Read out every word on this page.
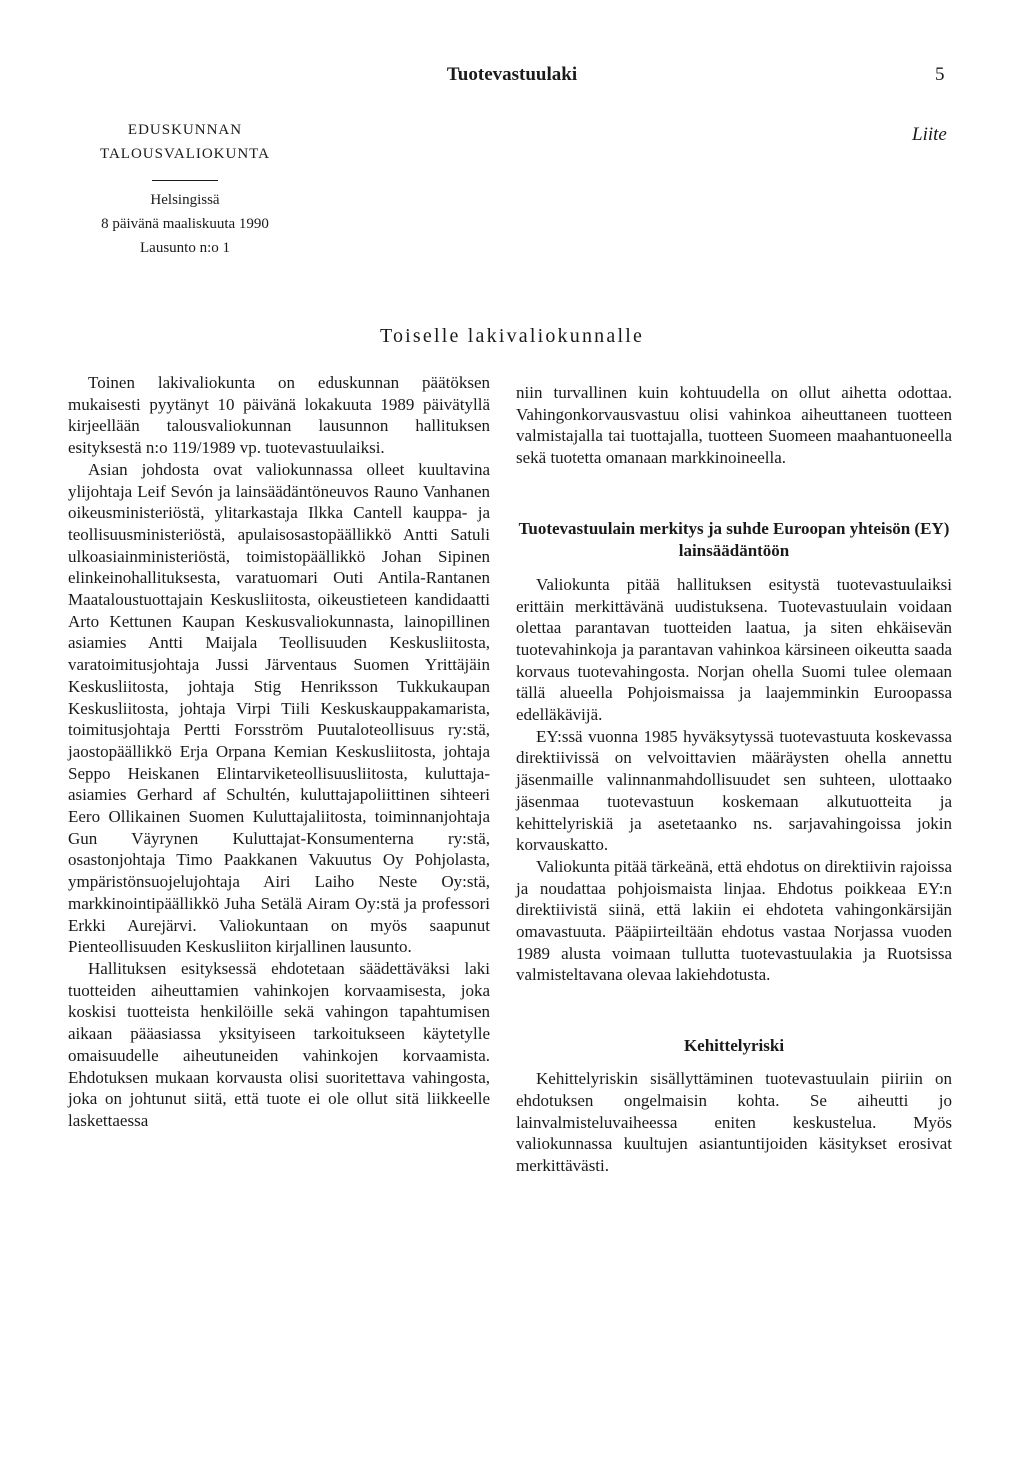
Tuotevastuulaki	5
EDUSKUNNAN
TALOUSVALIOKUNTA
Liite
Helsingissä
8 päivänä maaliskuuta 1990
Lausunto n:o 1
Toiselle lakivaliokunnalle

Toinen lakivaliokunta on eduskunnan päätöksen mukaisesti pyytänyt 10 päivänä lokakuuta 1989 päivätyllä kirjeellään talousvaliokunnan lausunnon hallituksen esityksestä n:o 119/1989 vp. tuotevastuulaiksi.

Asian johdosta ovat valiokunnassa olleet kuultavina ylijohtaja Leif Sevón ja lainsäädäntöneuvos Rauno Vanhanen oikeusministeriöstä, ylitarkastaja Ilkka Cantell kauppa- ja teollisuusministeriöstä, apulaisosastopäällikkö Antti Satuli ulkoasiainministeriöstä, toimistopäällikkö Johan Sipinen elinkeinohallituksesta, varatuomari Outi Antila-Rantanen Maataloustuottajain Keskusliitosta, oikeustieteen kandidaatti Arto Kettunen Kaupan Keskusvaliokunnasta, lainopillinen asiamies Antti Maijala Teollisuuden Keskusliitosta, varatoimitusjohtaja Jussi Järventaus Suomen Yrittäjäin Keskusliitosta, johtaja Stig Henriksson Tukkukaupan Keskusliitosta, johtaja Virpi Tiili Keskuskauppakamarista, toimitusjohtaja Pertti Forsström Puutaloteollisuus ry:stä, jaostopäällikkö Erja Orpana Kemian Keskusliitosta, johtaja Seppo Heiskanen Elintarviketeollisuusliitosta, kuluttaja-asiamies Gerhard af Schultén, kuluttajapoliittinen sihteeri Eero Ollikainen Suomen Kuluttajaliitosta, toiminnanjohtaja Gun Väyrynen Kuluttajat-Konsumenterna ry:stä, osastonjohtaja Timo Paakkanen Vakuutus Oy Pohjolasta, ympäristönsuojelujohtaja Airi Laiho Neste Oy:stä, markkinointipäällikkö Juha Setälä Airam Oy:stä ja professori Erkki Aurejärvi. Valiokuntaan on myös saapunut Pienteollisuuden Keskusliiton kirjallinen lausunto.

Hallituksen esityksessä ehdotetaan säädettäväksi laki tuotteiden aiheuttamien vahinkojen korvaamisesta, joka koskisi tuotteista henkilöille sekä vahingon tapahtumisen aikaan pääasiassa yksityiseen tarkoitukseen käytetylle omaisuudelle aiheutuneiden vahinkojen korvaamista. Ehdotuksen mukaan korvausta olisi suoritettava vahingosta, joka on johtunut siitä, että tuote ei ole ollut sitä liikkeelle laskettaessa

niin turvallinen kuin kohtuudella on ollut aihetta odottaa. Vahingonkorvausvastuu olisi vahinkoa aiheuttaneen tuotteen valmistajalla tai tuottajalla, tuotteen Suomeen maahantuoneella sekä tuotetta omanaan markkinoineella.

Tuotevastuulain merkitys ja suhde Euroopan yhteisön (EY) lainsäädäntöön

Valiokunta pitää hallituksen esitystä tuotevastuulaiksi erittäin merkittävänä uudistuksena. Tuotevastuulain voidaan olettaa parantavan tuotteiden laatua, ja siten ehkäisevän tuotevahinkoja ja parantavan vahinkoa kärsineen oikeutta saada korvaus tuotevahingosta. Norjan ohella Suomi tulee olemaan tällä alueella Pohjoismaissa ja laajemminkin Euroopassa edelläkävijä.

EY:ssä vuonna 1985 hyväksytyssä tuotevastuuta koskevassa direktiivissä on velvoittavien määräysten ohella annettu jäsenmaille valinnanmahdollisuudet sen suhteen, ulottaako jäsenmaa tuotevastuun koskemaan alkutuotteita ja kehittelyriskiä ja asetetaanko ns. sarjavahingoissa jokin korvauskatto.

Valiokunta pitää tärkeänä, että ehdotus on direktiivin rajoissa ja noudattaa pohjoismaista linjaa. Ehdotus poikkeaa EY:n direktiivistä siinä, että lakiin ei ehdoteta vahingonkärsijän omavastuuta. Pääpiirteiltään ehdotus vastaa Norjassa vuoden 1989 alusta voimaan tullutta tuotevastuulakia ja Ruotsissa valmisteltavana olevaa lakiehdotusta.

Kehittelyriski

Kehittelyriskin sisällyttäminen tuotevastuulain piiriin on ehdotuksen ongelmaisin kohta. Se aiheutti jo lainvalmisteluvaiheessa eniten keskustelua. Myös valiokunnassa kuultujen asiantuntijoiden käsitykset erosivat merkittävästi.
